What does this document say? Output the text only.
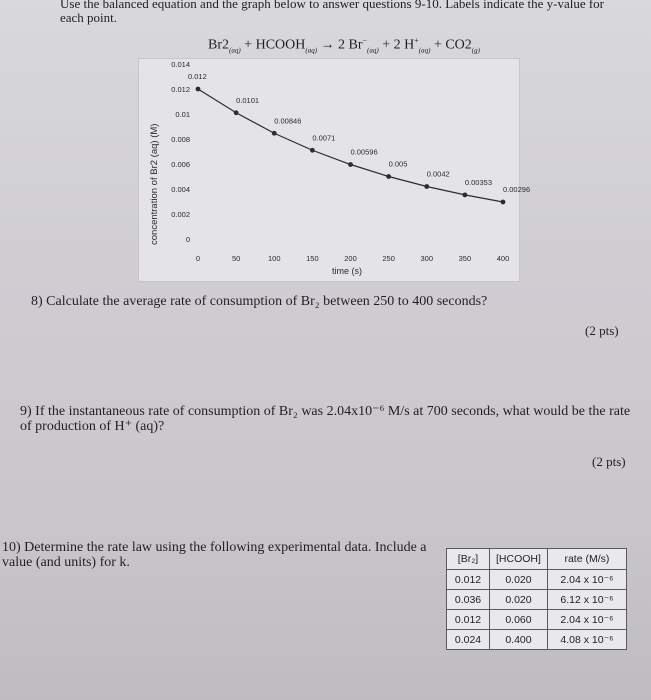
Use the balanced equation and the graph below to answer questions 9-10. Labels indicate the y-value for
each point.
$Br2_{(aq)}$ + $HCOOH_{(aq)} \to 2$ $Br^-_{(aq)} + 2$ $H^+_{(aq)} + CO2_{(g)}$
concentration of Br2 (aq) (M)
time (s)
0
0.002
0.004
0.006
0.008
0.01
0.012
0.014
0	50	100	150	200	250	300	350	400
0.012
0.0101
0.00846
0.0071
0.00596
0.005
0.0042
0.00353
0.00296
8) Calculate the average rate of consumption of Br₂ between 250 to 400 seconds?
(2 pts)
9) If the instantaneous rate of consumption of Br₂ was 2.04x10⁻⁶ M/s at 700 seconds, what would be the rate of production of H⁺ (aq)?
(2 pts)
10) Determine the rate law using the following experimental data. Include a value (and units) for k.	[Br₂]	[HCOOH]	rate (M/s)
0.012	0.020	2.04 x 10⁻⁶
0.036	0.020	6.12 x 10⁻⁶
0.012	0.060	2.04 x 10⁻⁶
0.024	0.400	4.08 x 10⁻⁶
